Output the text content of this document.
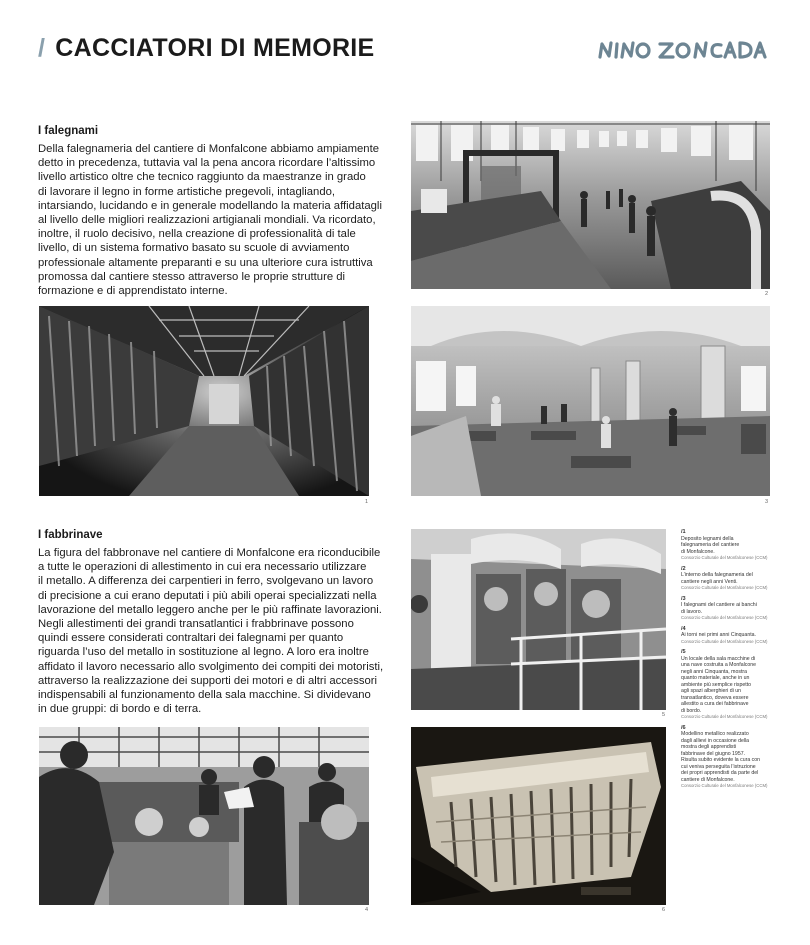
/ CACCIATORI DI MEMORIE
I falegnami
Della falegnameria del cantiere di Monfalcone abbiamo ampiamente
detto in precedenza, tuttavia val la pena ancora ricordare l’altissimo
livello artistico oltre che tecnico raggiunto da maestranze in grado
di lavorare il legno in forme artistiche pregevoli, intagliando,
intarsiando, lucidando e in generale modellando la materia affidatagli
al livello delle migliori realizzazioni artigianali mondiali. Va ricordato,
inoltre, il ruolo decisivo, nella creazione di professionalità di tale
livello, di un sistema formativo basato su scuole di avviamento
professionale altamente preparanti e su una ulteriore cura istruttiva
promossa dal cantiere stesso attraverso le proprie strutture di
formazione e di apprendistato interne.	2
1	3
I fabbrinave
La figura del fabbronave nel cantiere di Monfalcone era riconducibile
a tutte le operazioni di allestimento in cui era necessario utilizzare
il metallo. A differenza dei carpentieri in ferro, svolgevano un lavoro
di precisione a cui erano deputati i più abili operai specializzati nella
lavorazione del metallo leggero anche per le più raffinate lavorazioni.
Negli allestimenti dei grandi transatlantici i frabbrinave possono
quindi essere considerati contraltari dei falegnami per quanto
riguarda l’uso del metallo in sostituzione al legno. A loro era inoltre
affidato il lavoro necessario allo svolgimento dei compiti dei motoristi,
attraverso la realizzazione dei supporti dei motori e di altri accessori
indispensabili al funzionamento della sala macchine. Si dividevano
in due gruppi: di bordo e di terra.
/1
Deposito legnami della
falegnameria del cantiere
di Monfalcone.
Consorzio Culturale del Monfalconese (CCM)
/2
L’interno della falegnameria del
cantiere negli anni Venti.
Consorzio Culturale del Monfalconese (CCM)
/3
I falegnami del cantiere ai banchi
di lavoro.
Consorzio Culturale del Monfalconese (CCM)
/4
Ai torni nei primi anni Cinquanta.
Consorzio Culturale del Monfalconese (CCM)
/5
Un locale della sala macchine di
una nave costruita a Monfalcone
negli anni Cinquanta, mostra
quanto materiale, anche in un
ambiente più semplice rispetto
agli spazi alberghieri di un
transatlantico, doveva essere
allestito a cura dei fabbrinave
di bordo.
Consorzio Culturale del Monfalconese (CCM)
/6
Modellino metallico realizzato
dagli allievi in occasione della
mostra degli apprendisti
fabbrinave del giugno 1957.
Risulta subito evidente la cura con
cui veniva perseguita l’istruzione
dei propri apprendisti da parte del
cantiere di Monfalcone.
Consorzio Culturale del Monfalconese (CCM)
4	6
5
